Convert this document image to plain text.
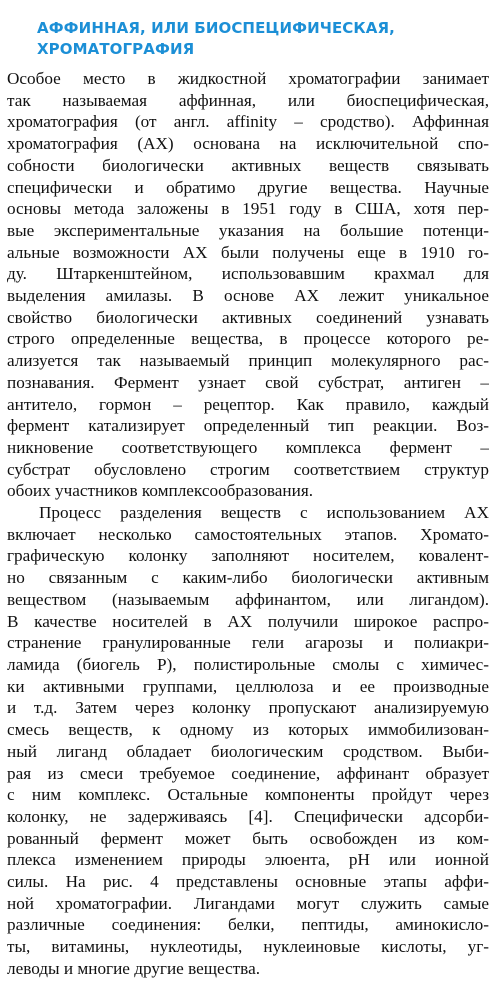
АФФИННАЯ, ИЛИ БИОСПЕЦИФИЧЕСКАЯ,
ХРОМАТОГРАФИЯ

Особое место в жидкостной хроматографии занимает
так называемая аффинная, или биоспецифическая,
хроматография (от англ. affinity – сродство). Аффинная
хроматография (АХ) основана на исключительной спо-
собности биологически активных веществ связывать
специфически и обратимо другие вещества. Научные
основы метода заложены в 1951 году в США, хотя пер-
вые экспериментальные указания на большие потенци-
альные возможности АХ были получены еще в 1910 го-
ду. Штаркенштейном, использовавшим крахмал для
выделения амилазы. В основе АХ лежит уникальное
свойство биологически активных соединений узнавать
строго определенные вещества, в процессе которого ре-
ализуется так называемый принцип молекулярного рас-
познавания. Фермент узнает свой субстрат, антиген –
антитело, гормон – рецептор. Как правило, каждый
фермент катализирует определенный тип реакции. Воз-
никновение соответствующего комплекса фермент –
субстрат обусловлено строгим соответствием структур
обоих участников комплексообразования.

Процесс разделения веществ с использованием АХ
включает несколько самостоятельных этапов. Хромато-
графическую колонку заполняют носителем, ковалент-
но связанным с каким-либо биологически активным
веществом (называемым аффинантом, или лигандом).
В качестве носителей в АХ получили широкое распро-
странение гранулированные гели агарозы и полиакри-
ламида (биогель Р), полистирольные смолы с химичес-
ки активными группами, целлюлоза и ее производные
и т.д. Затем через колонку пропускают анализируемую
смесь веществ, к одному из которых иммобилизован-
ный лиганд обладает биологическим сродством. Выби-
рая из смеси требуемое соединение, аффинант образует
с ним комплекс. Остальные компоненты пройдут через
колонку, не задерживаясь [4]. Специфически адсорби-
рованный фермент может быть освобожден из ком-
плекса изменением природы элюента, рН или ионной
силы. На рис. 4 представлены основные этапы аффи-
ной хроматографии. Лигандами могут служить самые
различные соединения: белки, пептиды, аминокисло-
ты, витамины, нуклеотиды, нуклеиновые кислоты, уг-
леводы и многие другие вещества.
